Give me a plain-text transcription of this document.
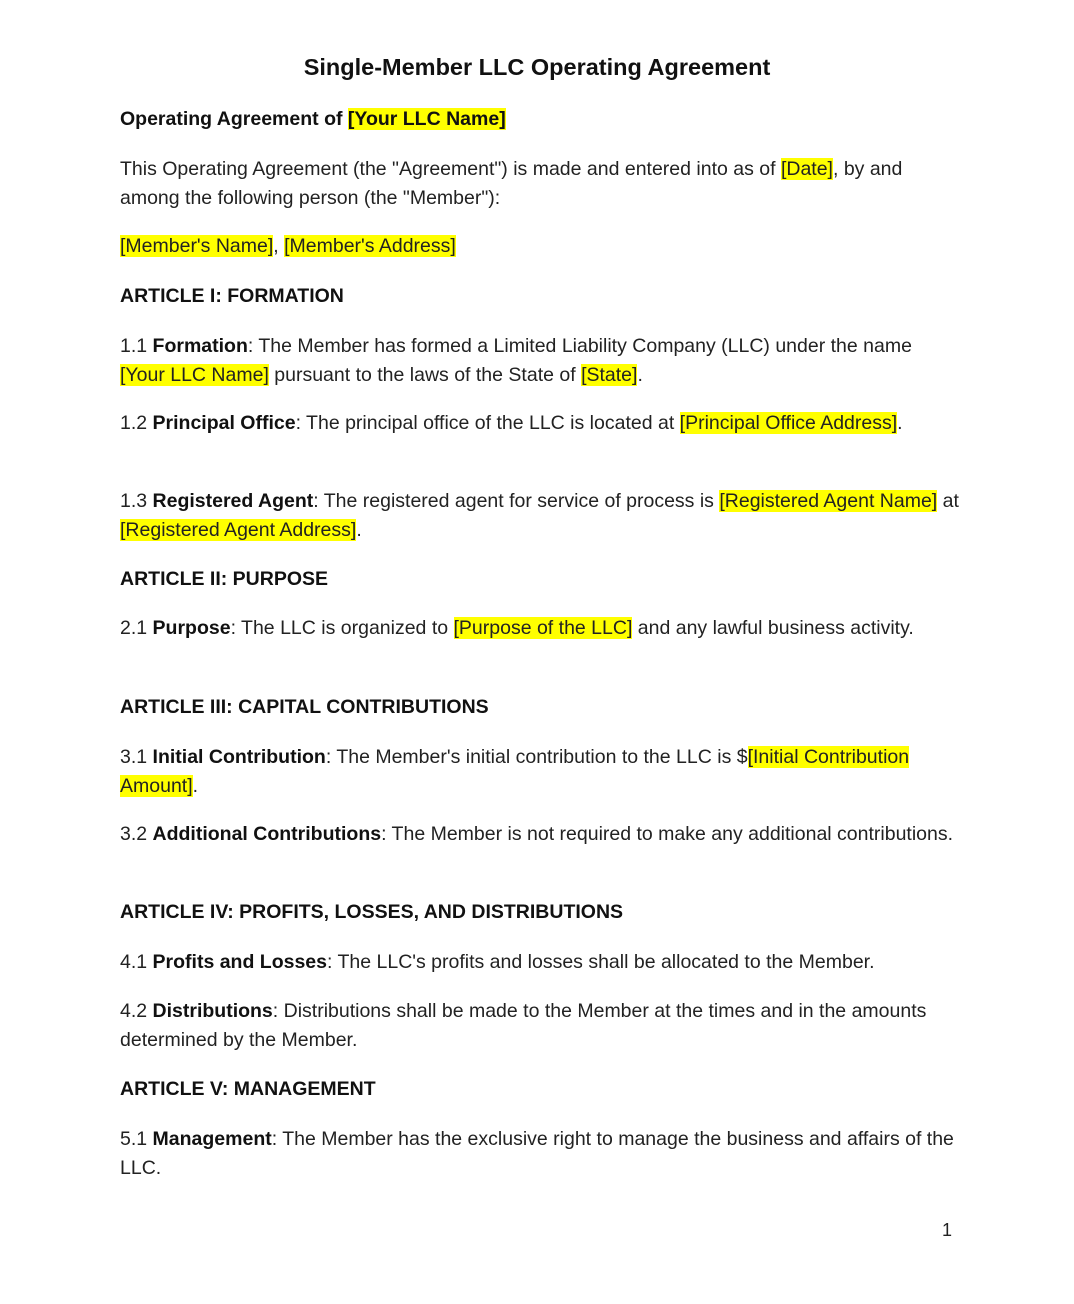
Single-Member LLC Operating Agreement

Operating Agreement of [Your LLC Name]

This Operating Agreement (the "Agreement") is made and entered into as of [Date], by and among the following person (the "Member"):

[Member's Name], [Member's Address]

ARTICLE I: FORMATION

1.1 Formation: The Member has formed a Limited Liability Company (LLC) under the name [Your LLC Name] pursuant to the laws of the State of [State].

1.2 Principal Office: The principal office of the LLC is located at [Principal Office Address].

1.3 Registered Agent: The registered agent for service of process is [Registered Agent Name] at [Registered Agent Address].

ARTICLE II: PURPOSE

2.1 Purpose: The LLC is organized to [Purpose of the LLC] and any lawful business activity.

ARTICLE III: CAPITAL CONTRIBUTIONS

3.1 Initial Contribution: The Member's initial contribution to the LLC is $[Initial Contribution Amount].

3.2 Additional Contributions: The Member is not required to make any additional contributions.

ARTICLE IV: PROFITS, LOSSES, AND DISTRIBUTIONS

4.1 Profits and Losses: The LLC's profits and losses shall be allocated to the Member.

4.2 Distributions: Distributions shall be made to the Member at the times and in the amounts determined by the Member.

ARTICLE V: MANAGEMENT

5.1 Management: The Member has the exclusive right to manage the business and affairs of the LLC.

1
